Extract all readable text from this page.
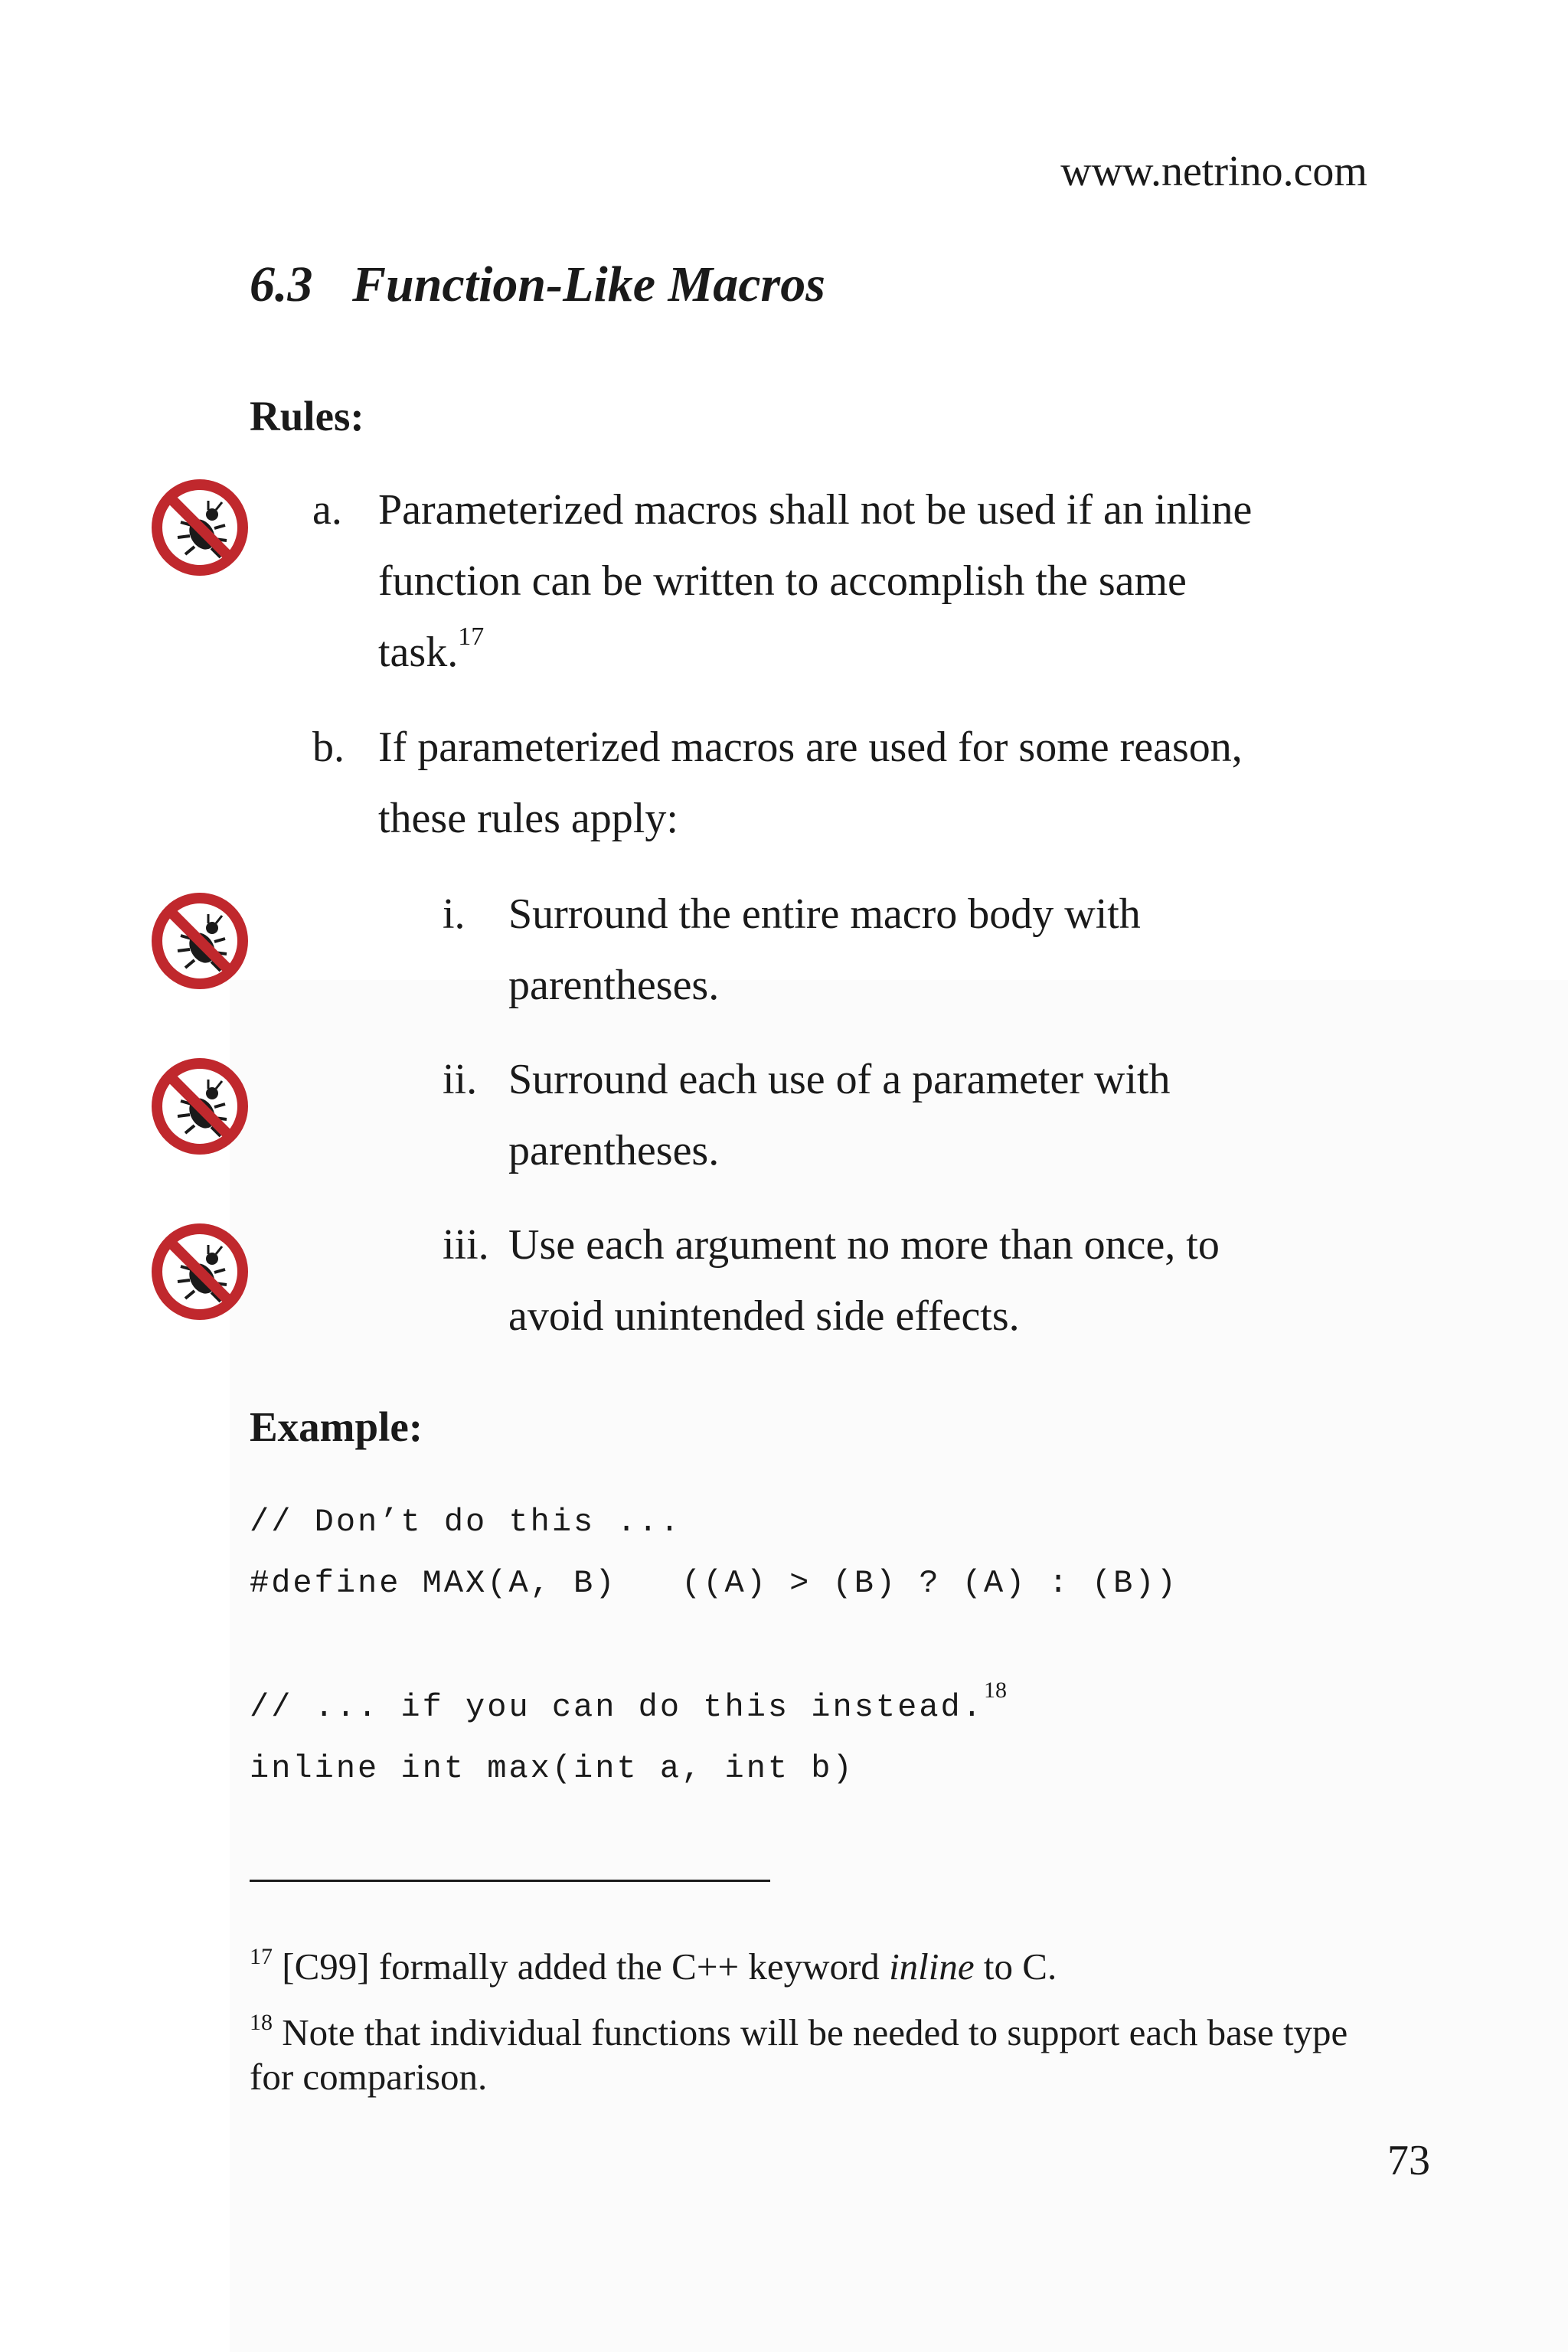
www.netrino.com
6.3 Function-Like Macros
Rules:
a. Parameterized macros shall not be used if an inline
function can be written to accomplish the same
task.$^{17}$
b. If parameterized macros are used for some reason,
these rules apply:
i. Surround the entire macro body with
parentheses.
ii. Surround each use of a parameter with
parentheses.
iii. Use each argument no more than once, to
avoid unintended side effects.
Example:
// Don’t do this ...
#define MAX(A, B)   ((A) > (B) ? (A) : (B))
// ... if you can do this instead.$^{18}$
inline int max(int a, int b)
$^{17}$ [C99] formally added the C++ keyword inline to C.
$^{18}$ Note that individual functions will be needed to support each base type for comparison.
73
